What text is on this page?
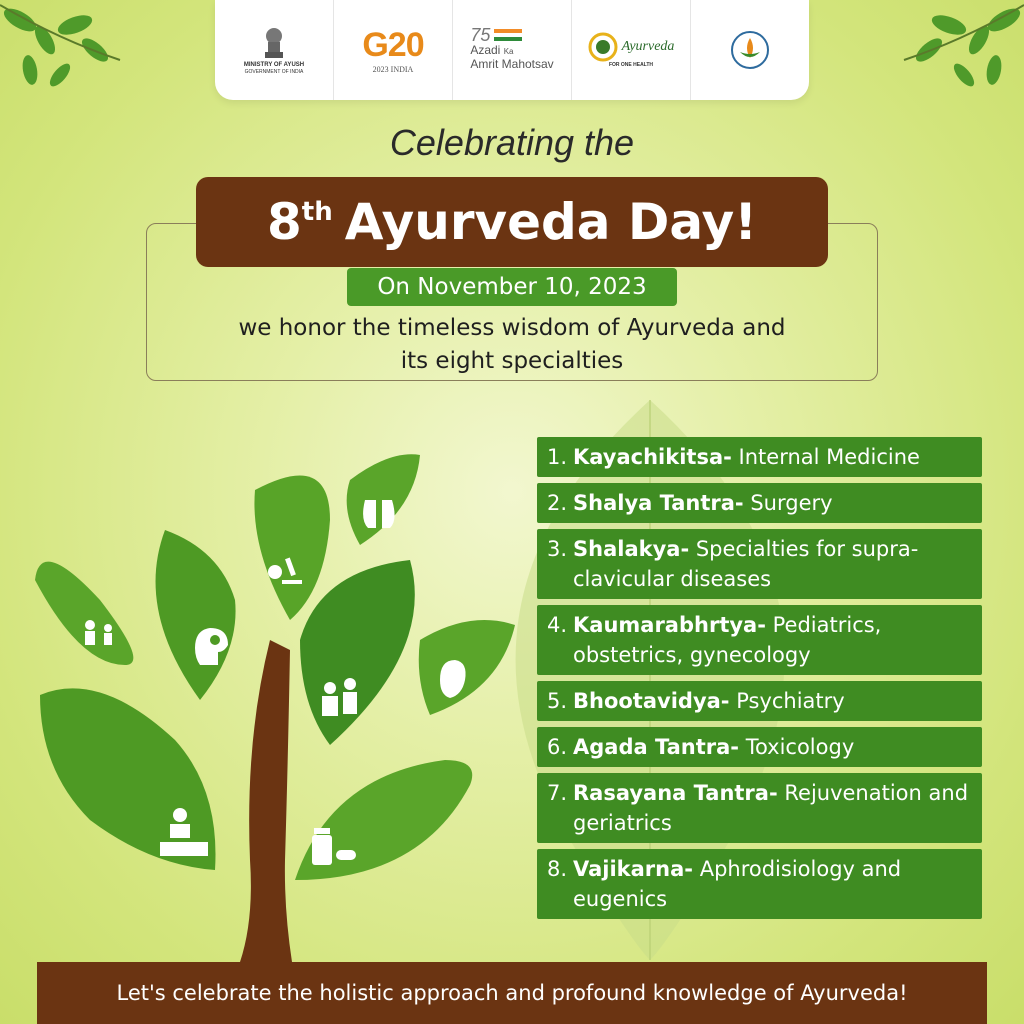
MINISTRY OF AYUSH
GOVERNMENT OF INDIA
G20
2023 INDIA
75
Azadi Ka
Amrit Mahotsav
Ayurveda
FOR ONE HEALTH
Celebrating the
8th Ayurveda Day!
On November 10, 2023
we honor the timeless wisdom of Ayurveda and
its eight specialties
1. Kayachikitsa- Internal Medicine
2. Shalya Tantra- Surgery
3. Shalakya- Specialties for supra-clavicular diseases
4. Kaumarabhrtya- Pediatrics, obstetrics, gynecology
5. Bhootavidya- Psychiatry
6. Agada Tantra- Toxicology
7. Rasayana Tantra- Rejuvenation and geriatrics
8. Vajikarna- Aphrodisiology and eugenics
Let's celebrate the holistic approach and profound knowledge of Ayurveda!
